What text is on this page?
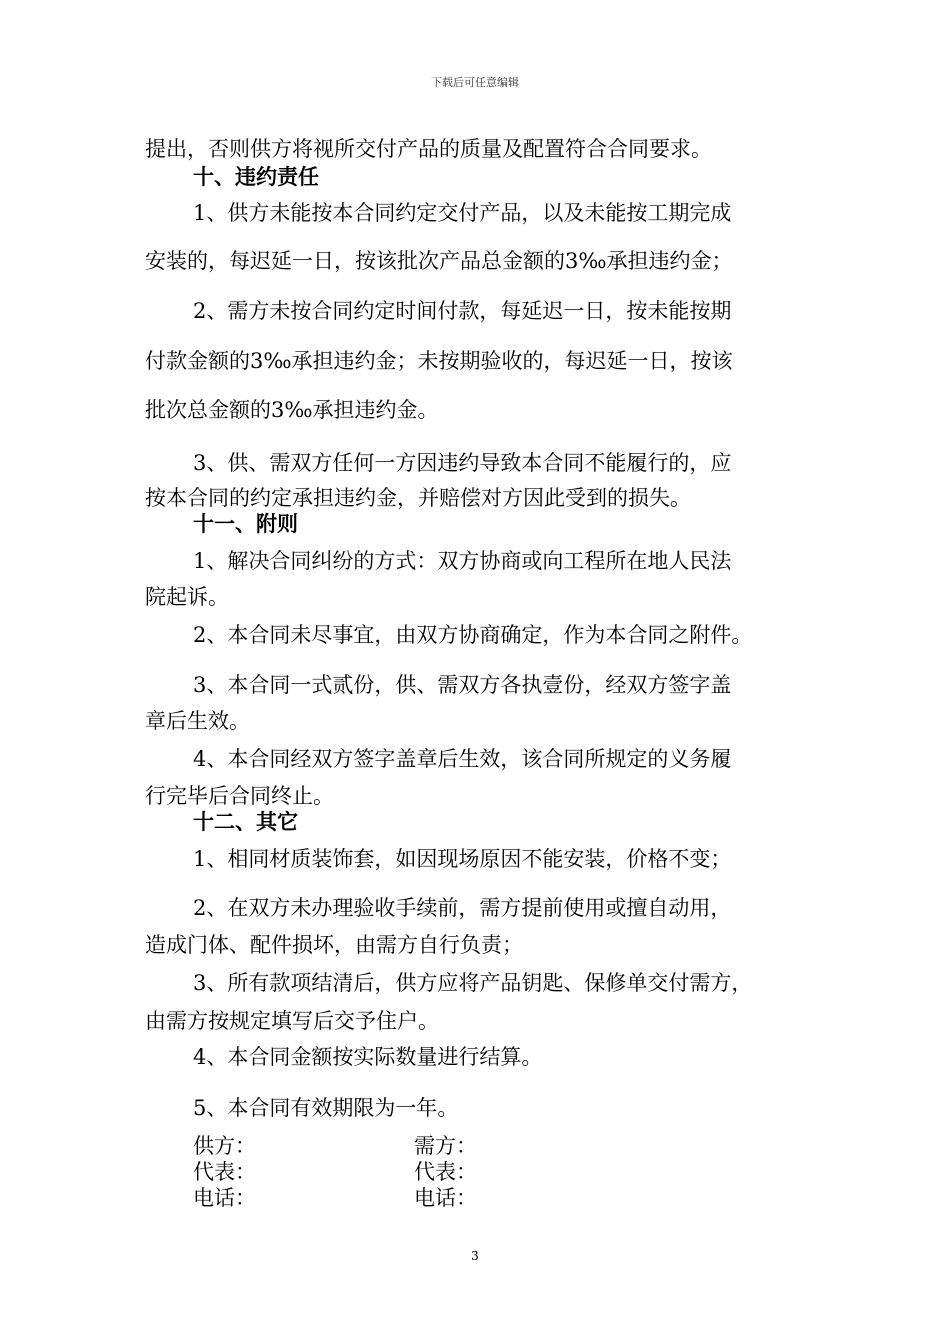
下载后可任意编辑
提出，否则供方将视所交付产品的质量及配置符合合同要求。
十、违约责任
1、供方未能按本合同约定交付产品，以及未能按工期完成
安装的，每迟延一日，按该批次产品总金额的3‰承担违约金；
2、需方未按合同约定时间付款，每延迟一日，按未能按期
付款金额的3‰承担违约金；未按期验收的，每迟延一日，按该
批次总金额的3‰承担违约金。
3、供、需双方任何一方因违约导致本合同不能履行的，应
按本合同的约定承担违约金，并赔偿对方因此受到的损失。
十一、附则
1、解决合同纠纷的方式：双方协商或向工程所在地人民法
院起诉。
2、本合同未尽事宜，由双方协商确定，作为本合同之附件。
3、本合同一式贰份，供、需双方各执壹份，经双方签字盖
章后生效。
4、本合同经双方签字盖章后生效，该合同所规定的义务履
行完毕后合同终止。
十二、其它
1、相同材质装饰套，如因现场原因不能安装，价格不变；
2、在双方未办理验收手续前，需方提前使用或擅自动用，
造成门体、配件损坏，由需方自行负责；
3、所有款项结清后，供方应将产品钥匙、保修单交付需方，
由需方按规定填写后交予住户。
4、本合同金额按实际数量进行结算。
5、本合同有效期限为一年。
供方：
代表：
电话：
需方：
代表：
电话：
3
